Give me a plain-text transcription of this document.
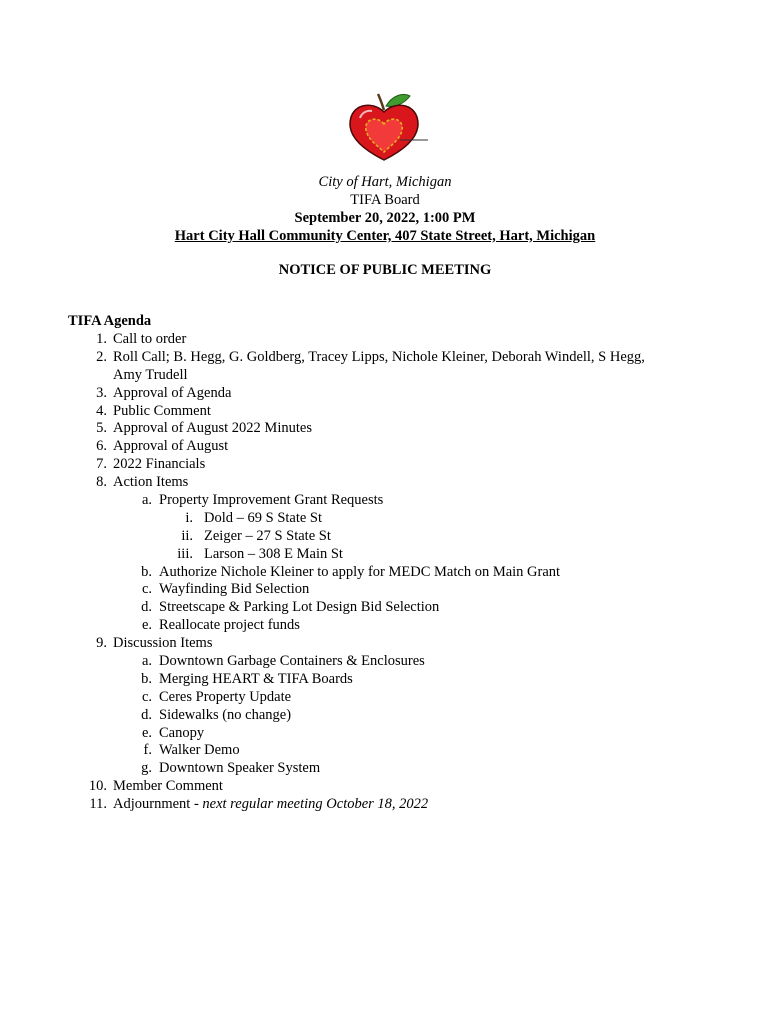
City of Hart, Michigan
TIFA Board
September 20, 2022, 1:00 PM
Hart City Hall Community Center, 407 State Street, Hart, Michigan
NOTICE OF PUBLIC MEETING
TIFA Agenda
1. Call to order
2. Roll Call; B. Hegg, G. Goldberg, Tracey Lipps, Nichole Kleiner, Deborah Windell, S Hegg,
Amy Trudell
3. Approval of Agenda
4. Public Comment
5. Approval of August 2022 Minutes
6. Approval of August
7. 2022 Financials
8. Action Items
a. Property Improvement Grant Requests
i. Dold – 69 S State St
ii. Zeiger – 27 S State St
iii. Larson – 308 E Main St
b. Authorize Nichole Kleiner to apply for MEDC Match on Main Grant
c. Wayfinding Bid Selection
d. Streetscape & Parking Lot Design Bid Selection
e. Reallocate project funds
9. Discussion Items
a. Downtown Garbage Containers & Enclosures
b. Merging HEART & TIFA Boards
c. Ceres Property Update
d. Sidewalks (no change)
e. Canopy
f. Walker Demo
g. Downtown Speaker System
10. Member Comment
11. Adjournment - next regular meeting October 18, 2022
